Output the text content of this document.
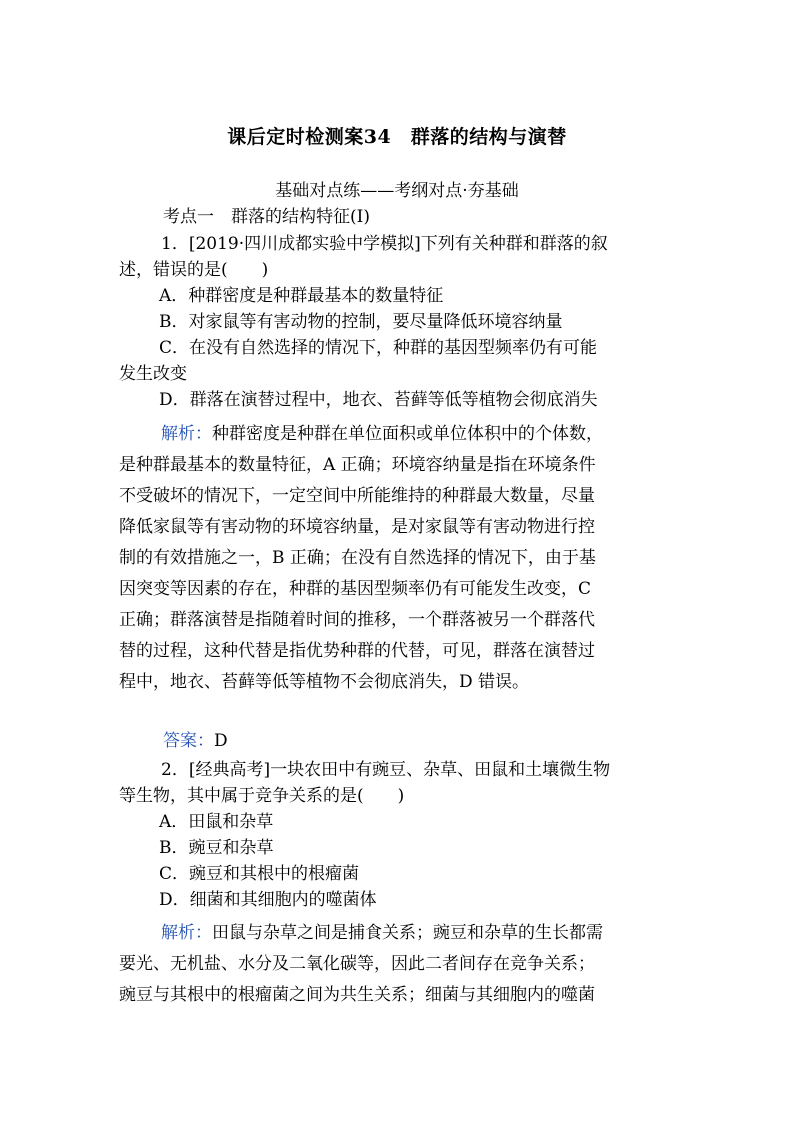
课后定时检测案34　群落的结构与演替
基础对点练——考纲对点·夯基础
考点一　群落的结构特征(Ⅰ)
1．[2019·四川成都实验中学模拟]下列有关种群和群落的叙
述，错误的是(　　)
A．种群密度是种群最基本的数量特征
B．对家鼠等有害动物的控制，要尽量降低环境容纳量
C．在没有自然选择的情况下，种群的基因型频率仍有可能
发生改变
D．群落在演替过程中，地衣、苔藓等低等植物会彻底消失
解析：种群密度是种群在单位面积或单位体积中的个体数，
是种群最基本的数量特征，A 正确；环境容纳量是指在环境条件
不受破坏的情况下，一定空间中所能维持的种群最大数量，尽量
降低家鼠等有害动物的环境容纳量，是对家鼠等有害动物进行控
制的有效措施之一，B 正确；在没有自然选择的情况下，由于基
因突变等因素的存在，种群的基因型频率仍有可能发生改变，C
正确；群落演替是指随着时间的推移，一个群落被另一个群落代
替的过程，这种代替是指优势种群的代替，可见，群落在演替过
程中，地衣、苔藓等低等植物不会彻底消失，D 错误。
答案：D
2．[经典高考]一块农田中有豌豆、杂草、田鼠和土壤微生物
等生物，其中属于竞争关系的是(　　)
A．田鼠和杂草
B．豌豆和杂草
C．豌豆和其根中的根瘤菌
D．细菌和其细胞内的噬菌体
解析：田鼠与杂草之间是捕食关系；豌豆和杂草的生长都需
要光、无机盐、水分及二氧化碳等，因此二者间存在竞争关系；
豌豆与其根中的根瘤菌之间为共生关系；细菌与其细胞内的噬菌
